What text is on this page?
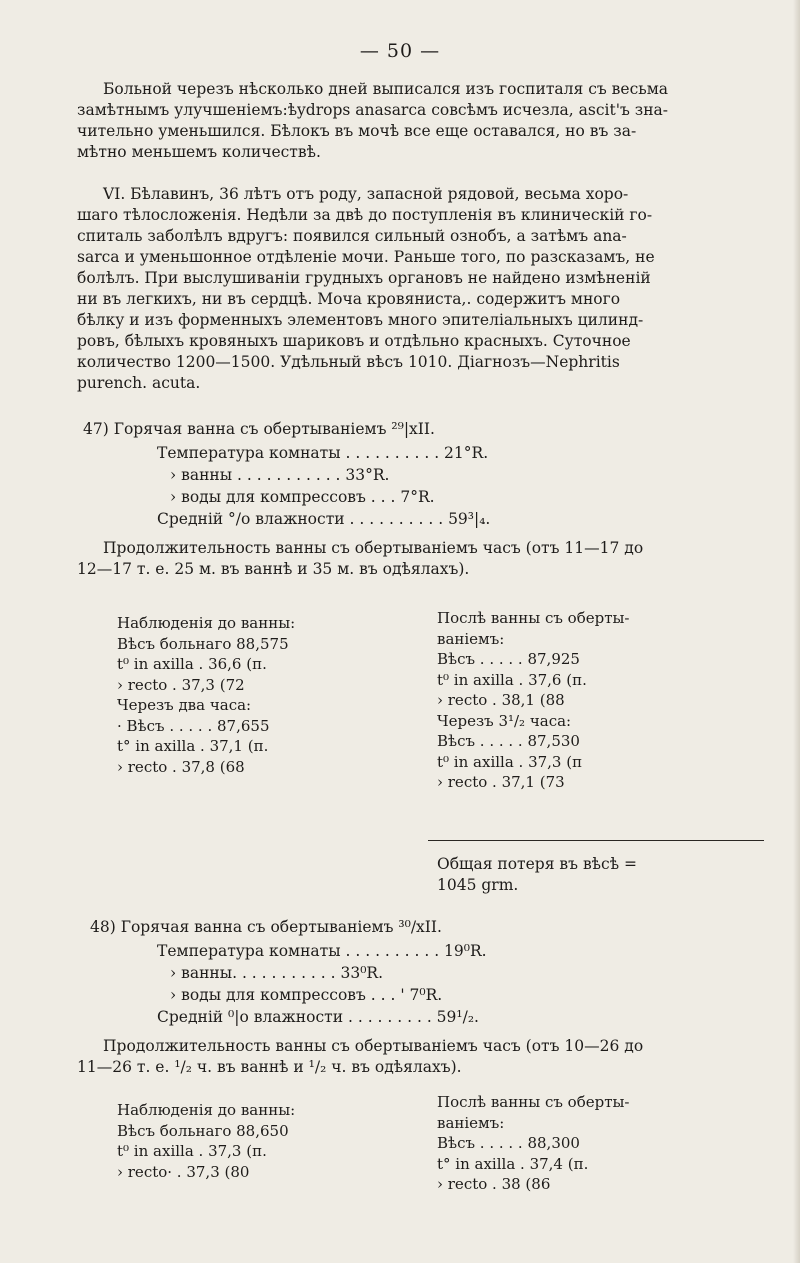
— 50 —
Больной черезъ нѣсколько дней выписался изъ госпиталя съ весьма
замѣтнымъ улучшеніемъ:ѣydrops anasarca совсѣмъ исчезла, ascit'ъ зна-
чительно уменьшился. Бѣлокъ въ мочѣ все еще оставался, но въ за-
мѣтно меньшемъ количествѣ.
VI. Бѣлавинъ, 36 лѣтъ отъ роду, запасной рядовой, весьма хоро-
шаго тѣлосложенія. Недѣли за двѣ до поступленія въ клиническій го-
спиталь заболѣлъ вдругъ: появился сильный ознобъ, а затѣмъ ana-
sarca и уменьшонное отдѣленіе мочи. Раньше того, по разсказамъ, не
болѣлъ. При выслушиваніи грудныхъ органовъ не найдено измѣненій
ни въ легкихъ, ни въ сердцѣ. Моча кровяниста,. содержитъ много
бѣлку и изъ форменныхъ элементовъ много эпителіальныхъ цилинд-
ровъ, бѣлыхъ кровяныхъ шариковъ и отдѣльно красныхъ. Суточное
количество 1200—1500. Удѣльный вѣсъ 1010. Діагнозъ—Nephritis
purench. acuta.
47) Горячая ванна съ обертываніемъ ²⁹|xII.
Температура комнаты . . . . . . . . . . 21°R.
› ванны . . . . . . . . . . . 33°R.
› воды для компрессовъ . . . 7°R.
Средній °/o влажности . . . . . . . . . . 59³|₄.
Продолжительность ванны съ обертываніемъ часъ (отъ 11—17 до
12—17 т. е. 25 м. въ ваннѣ и 35 м. въ одѣялахъ).
Наблюденія до ванны:
Вѣсъ больнаго 88,575
t⁰ in axilla . 36,6 (п.
› recto . 37,3 (72
Черезъ два часа:
· Вѣсъ . . . . . 87,655
t° in axilla . 37,1 (п.
› recto . 37,8 (68
Послѣ ванны съ оберты-
ваніемъ:
Вѣсъ . . . . . 87,925
t⁰ in axilla . 37,6 (п.
› recto . 38,1 (88
Черезъ 3¹/₂ часа:
Вѣсъ . . . . . 87,530
t⁰ in axilla . 37,3 (п
› recto . 37,1 (73
Общая потеря въ вѣсѣ =
1045 grm.
48) Горячая ванна съ обертываніемъ ³⁰/xII.
Температура комнаты . . . . . . . . . . 19⁰R.
› ванны. . . . . . . . . . . 33⁰R.
› воды для компрессовъ . . . ' 7⁰R.
Средній ⁰|o влажности . . . . . . . . . 59¹/₂.
Продолжительность ванны съ обертываніемъ часъ (отъ 10—26 до
11—26 т. е. ¹/₂ ч. въ ваннѣ и ¹/₂ ч. въ одѣялахъ).
Наблюденія до ванны:
Вѣсъ больнаго 88,650
t⁰ in axilla . 37,3 (п.
› recto· . 37,3 (80
Послѣ ванны съ оберты-
ваніемъ:
Вѣсъ . . . . . 88,300
t° in axilla . 37,4 (п.
› recto . 38 (86
